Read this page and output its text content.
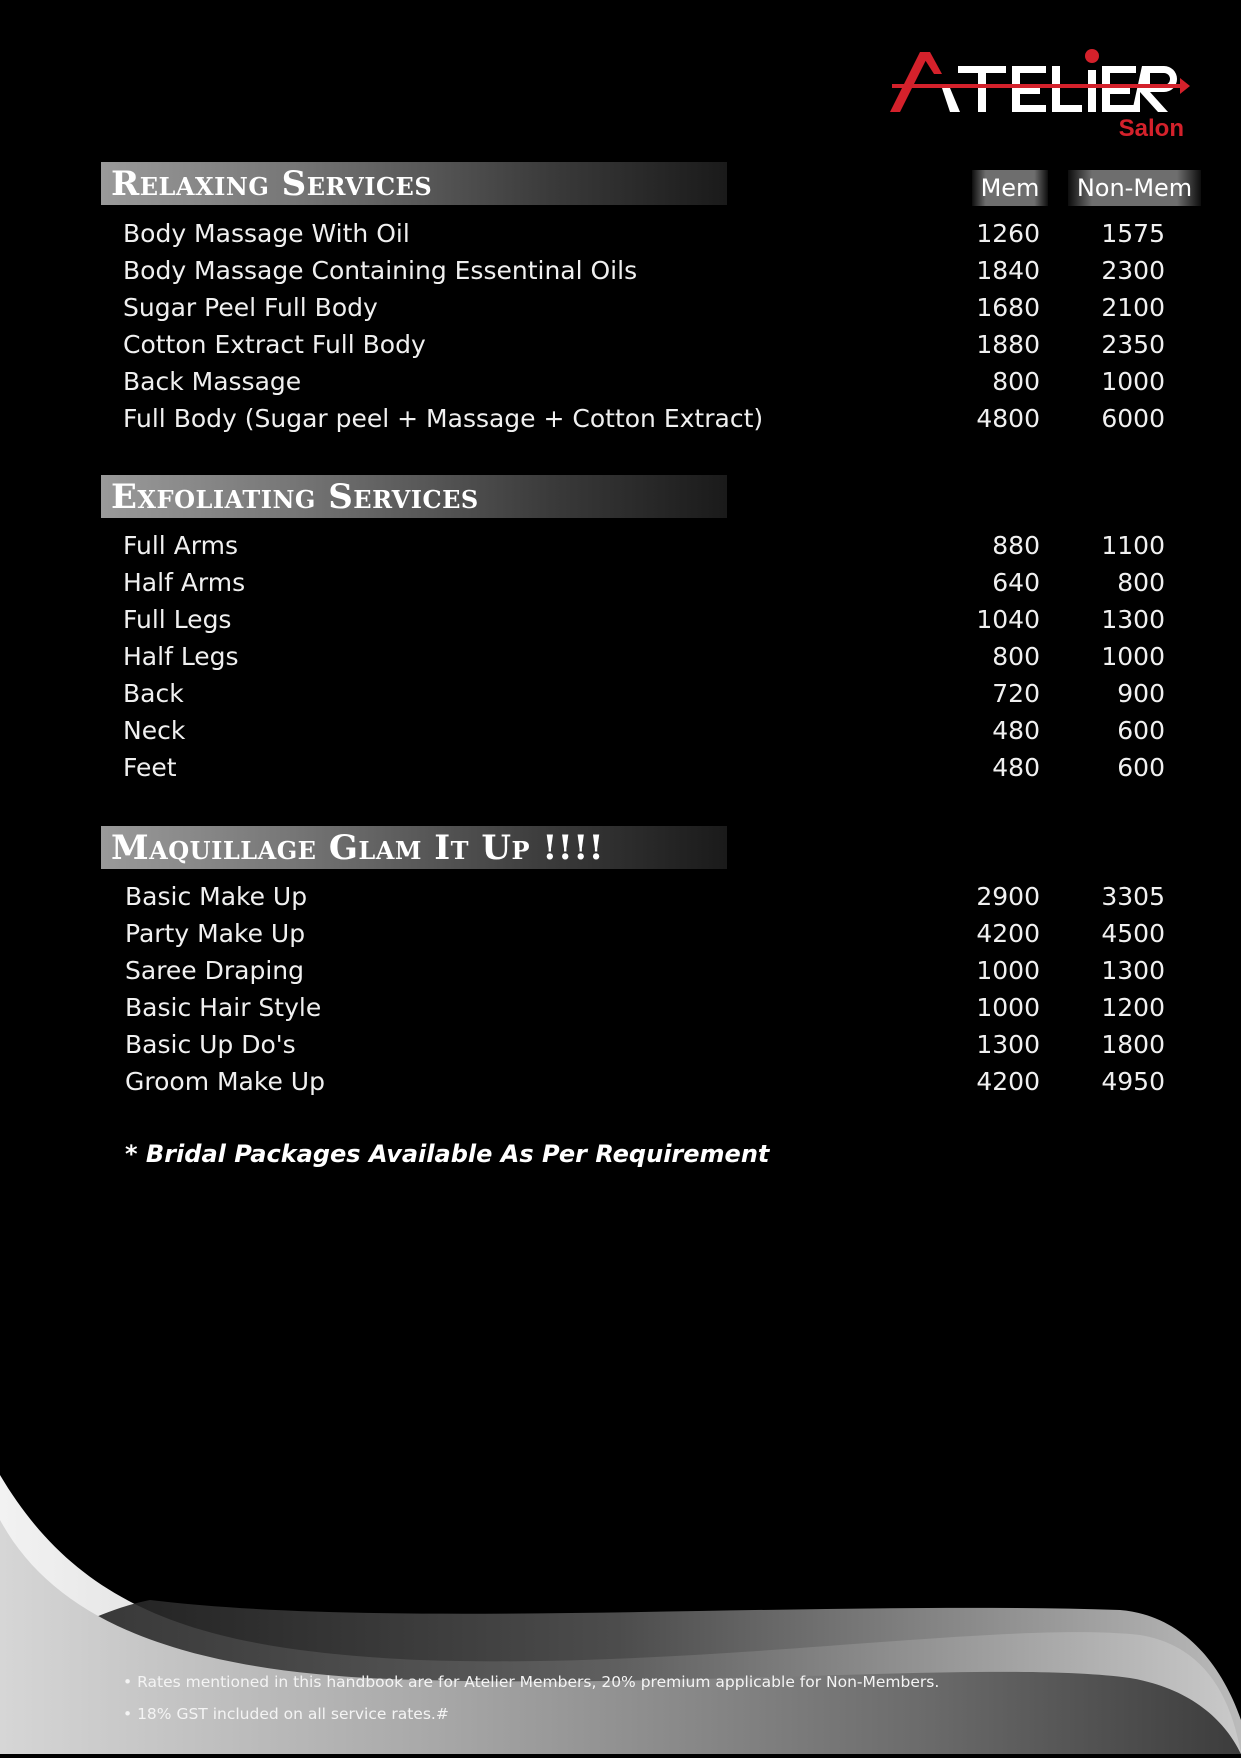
Salon
Mem	Non-Mem
Relaxing Services
Body Massage With Oil	1260	1575
Body Massage Containing Essentinal Oils	1840	2300
Sugar Peel Full Body	1680	2100
Cotton Extract Full Body	1880	2350
Back Massage	800	1000
Full Body (Sugar peel + Massage + Cotton Extract)	4800	6000
Exfoliating Services
Full Arms	880	1100
Half Arms	640	800
Full Legs	1040	1300
Half Legs	800	1000
Back	720	900
Neck	480	600
Feet	480	600
Maquillage Glam It Up !!!!
Basic Make Up	2900	3305
Party Make Up	4200	4500
Saree Draping	1000	1300
Basic Hair Style	1000	1200
Basic Up Do's	1300	1800
Groom Make Up	4200	4950
* Bridal Packages Available As Per Requirement
• Rates mentioned in this handbook are for Atelier Members, 20% premium applicable for Non-Members.
• 18% GST included on all service rates.#
